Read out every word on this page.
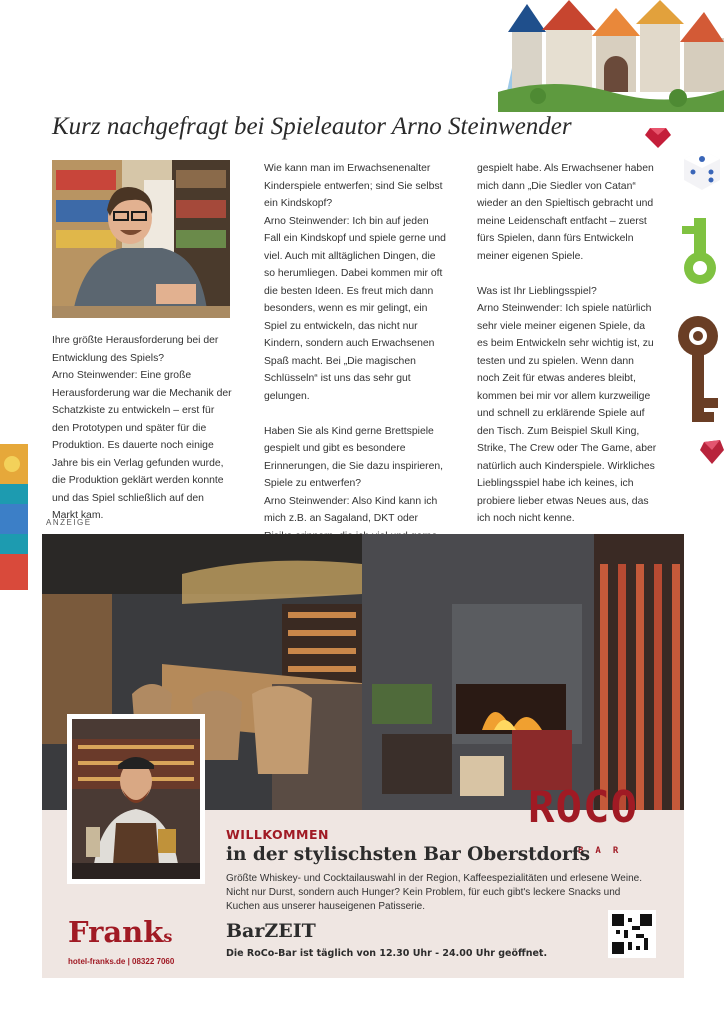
Kurz nachgefragt bei Spieleautor Arno Steinwender

Ihre größte Herausforderung bei der Entwicklung des Spiels?
Arno Steinwender: Eine große Herausforderung war die Mechanik der Schatzkiste zu entwickeln – erst für den Prototypen und später für die Produktion. Es dauerte noch einige Jahre bis ein Verlag gefunden wurde, die Produktion geklärt werden konnte und das Spiel schließlich auf den Markt kam.

Wie kann man im Erwachsenenalter Kinderspiele entwerfen; sind Sie selbst ein Kindskopf?
Arno Steinwender: Ich bin auf jeden Fall ein Kindskopf und spiele gerne und viel. Auch mit alltäglichen Dingen, die so herumliegen. Dabei kommen mir oft die besten Ideen. Es freut mich dann besonders, wenn es mir gelingt, ein Spiel zu entwickeln, das nicht nur Kindern, sondern auch Erwachsenen Spaß macht. Bei „Die magischen Schlüsseln“ ist uns das sehr gut gelungen.

Haben Sie als Kind gerne Brettspiele gespielt und gibt es besondere Erinnerungen, die Sie dazu inspirieren, Spiele zu entwerfen?
Arno Steinwender: Also Kind kann ich mich z.B. an Sagaland, DKT oder

gespielt habe. Als Erwachsener haben mich dann „Die Siedler von Catan“ wieder an den Spieltisch gebracht und meine Leidenschaft entfacht – zuerst fürs Spielen, dann fürs Entwickeln meiner eigenen Spiele.

Was ist Ihr Lieblingsspiel?
Arno Steinwender: Ich spiele natürlich sehr viele meiner eigenen Spiele, da es beim Entwickeln sehr wichtig ist, zu testen und zu spielen. Wenn dann noch Zeit für etwas anderes bleibt, kommen bei mir vor allem kurzweilige und schnell zu erklärende Spiele auf den Tisch. Zum Beispiel Skull King, Strike, The Crew oder The Game, aber natürlich auch Kinderspiele. Wirkliches Lieblingsspiel habe ich keines, ich probiere lieber etwas Neues aus, das ich noch nicht kenne.

ANZEIGE
ROCO
BAR
WILLKOMMEN
in der stylischsten Bar Oberstdorfs
Größte Whiskey- und Cocktailauswahl in der Region, Kaffeespezialitäten und erlesene Weine. Nicht nur Durst, sondern auch Hunger? Kein Problem, für euch gibt's leckere Snacks und Kuchen aus unserer hauseigenen Patisserie.
BarZEIT
Die RoCo-Bar ist täglich von 12.30 Uhr - 24.00 Uhr geöffnet.
Franks
hotel-franks.de | 08322 7060
